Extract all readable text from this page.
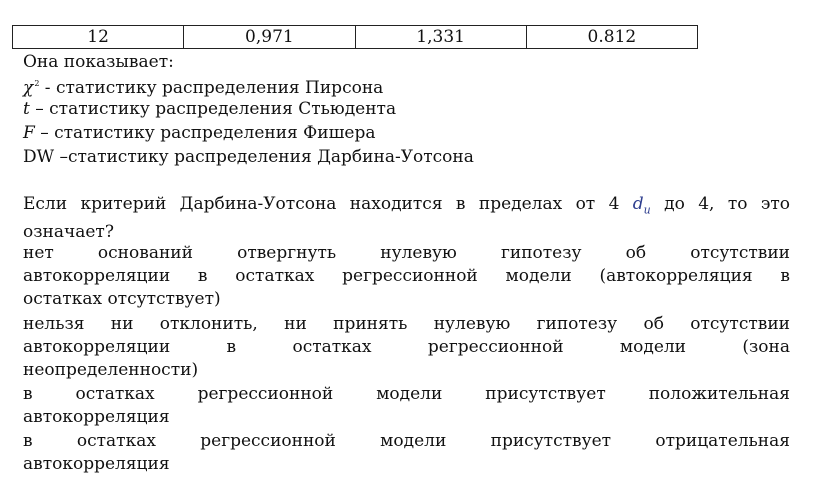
12	0,971	1,331	0.812
Она показывает:
$\chi^2$ - статистику распределения Пирсона
t – статистику распределения Стьюдента
F – статистику распределения Фишера
DW –статистику распределения Дарбина-Уотсона
Если критерий Дарбина-Уотсона находится в пределах от 4 $d_u$ до 4, то это
означает?
нет оснований отвергнуть нулевую гипотезу об отсутствии
автокорреляции в остатках регрессионной модели (автокорреляция в
остатках отсутствует)
нельзя ни отклонить, ни принять нулевую гипотезу об отсутствии
автокорреляции в остатках регрессионной модели (зона
неопределенности)
в остатках регрессионной модели присутствует положительная
автокорреляция
в остатках регрессионной модели присутствует отрицательная
автокорреляция
